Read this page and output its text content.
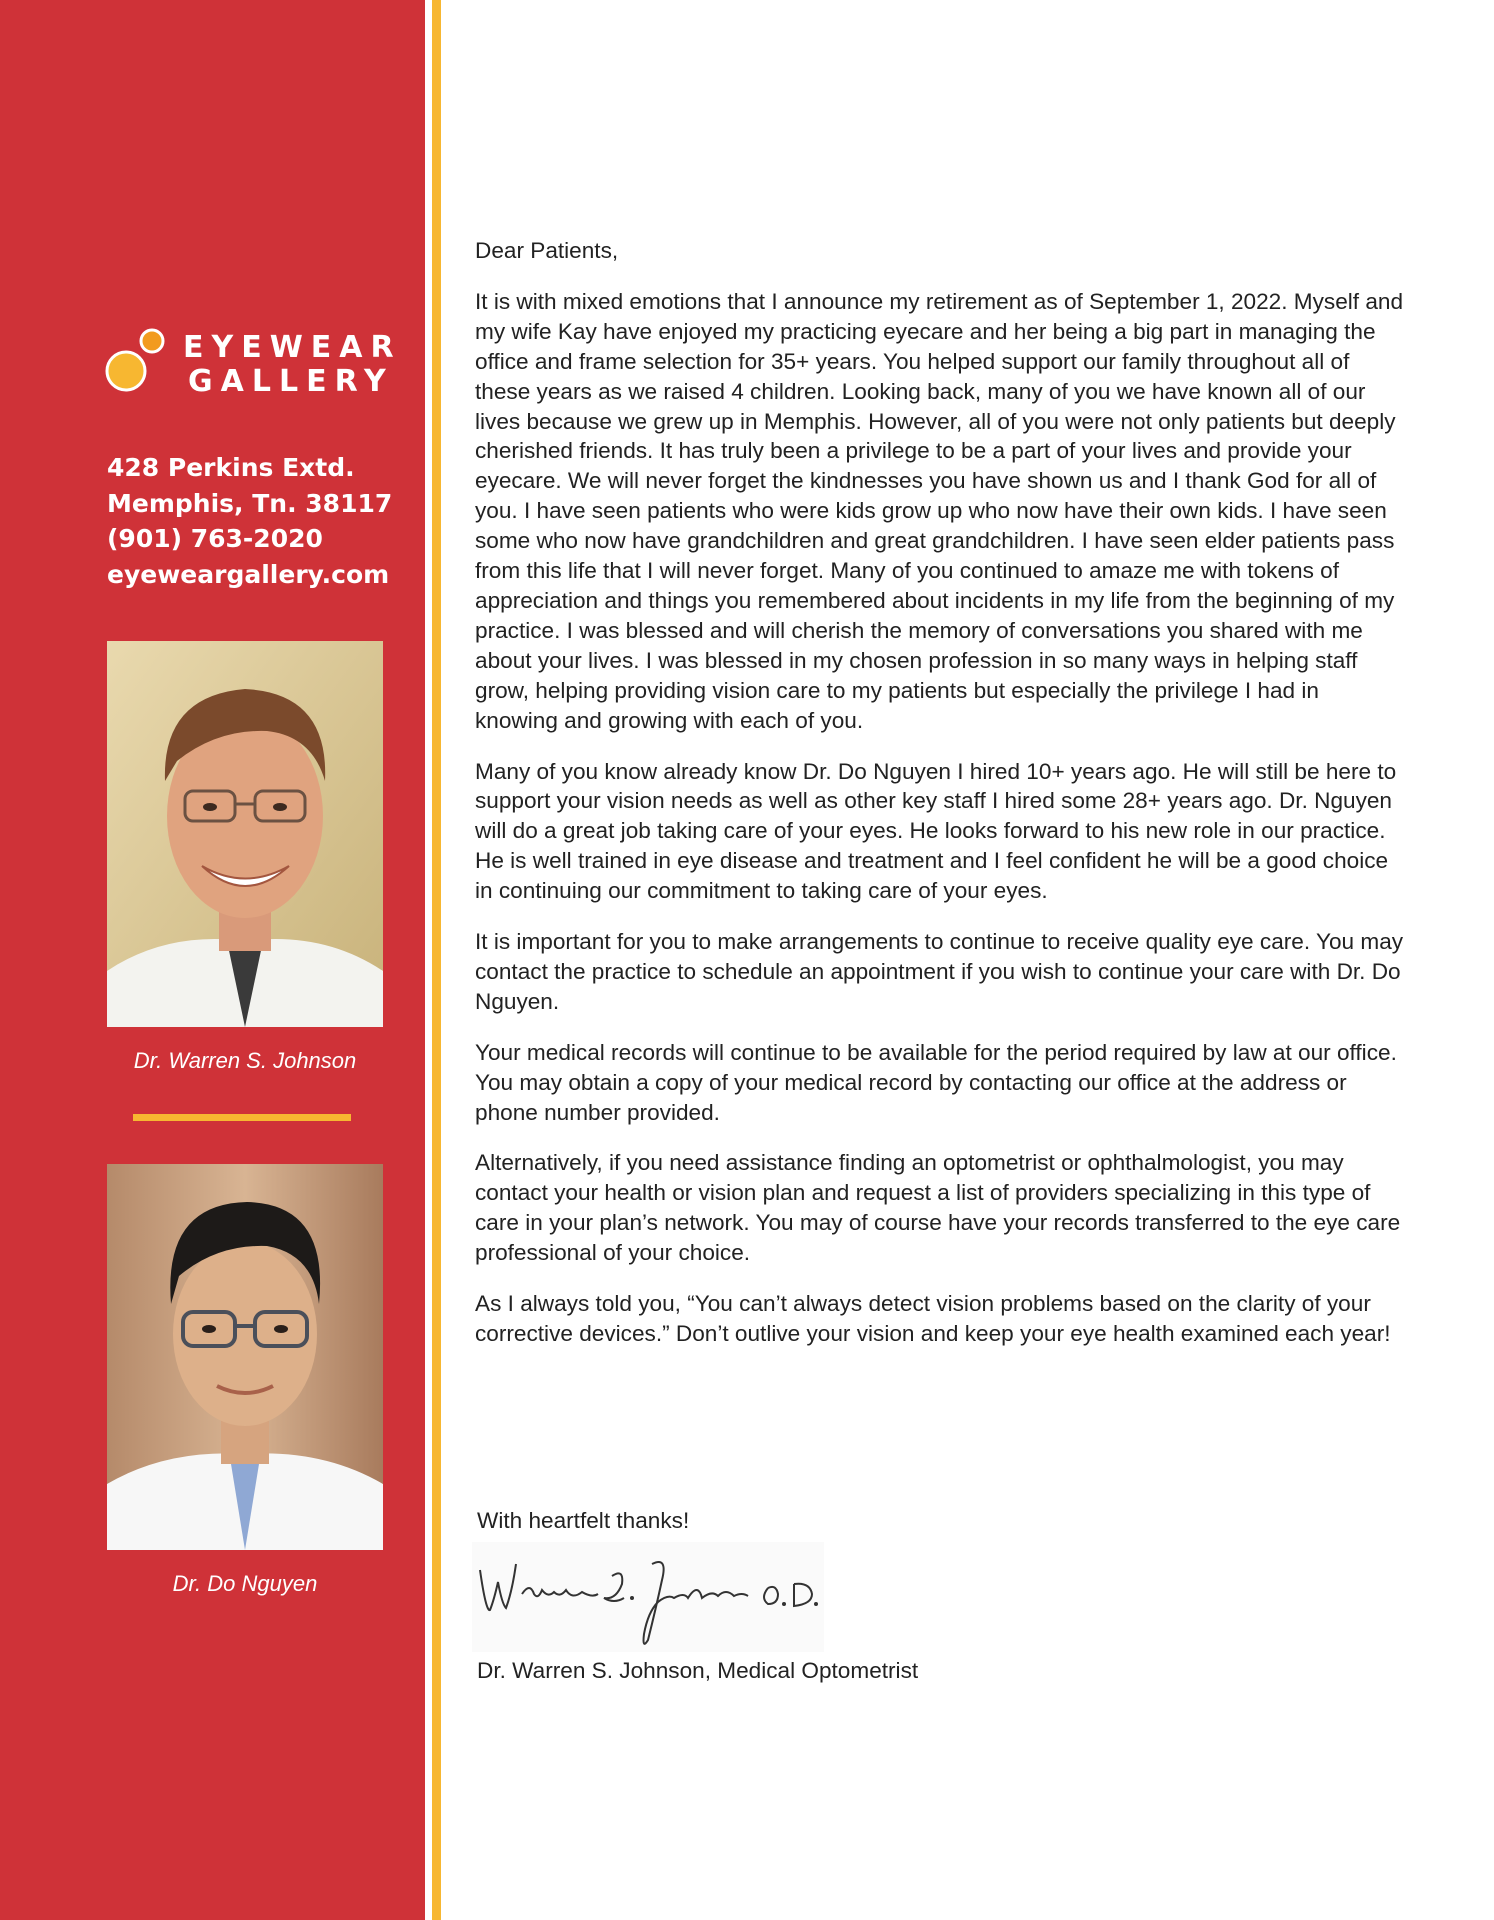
EYEWEAR
GALLERY
428 Perkins Extd.
Memphis, Tn. 38117
(901) 763-2020
eyeweargallery.com
Dr. Warren S. Johnson
Dr. Do Nguyen

Dear Patients,

It is with mixed emotions that I announce my retirement as of September 1, 2022. Myself and my wife Kay have enjoyed my practicing eyecare and her being a big part in managing the office and frame selection for 35+ years. You helped support our family throughout all of these years as we raised 4 children. Looking back, many of you we have known all of our lives because we grew up in Memphis. However, all of you were not only patients but deeply cherished friends. It has truly been a privilege to be a part of your lives and provide your eyecare. We will never forget the kindnesses you have shown us and I thank God for all of you. I have seen patients who were kids grow up who now have their own kids. I have seen some who now have grandchildren and great grandchildren. I have seen elder patients pass from this life that I will never forget. Many of you continued to amaze me with tokens of appreciation and things you remembered about incidents in my life from the beginning of my practice. I was blessed and will cherish the memory of conversations you shared with me about your lives. I was blessed in my chosen profession in so many ways in helping staff grow, helping providing vision care to my patients but especially the privilege I had in knowing and growing with each of you.

Many of you know already know Dr. Do Nguyen I hired 10+ years ago. He will still be here to support your vision needs as well as other key staff I hired some 28+ years ago. Dr. Nguyen will do a great job taking care of your eyes. He looks forward to his new role in our practice. He is well trained in eye disease and treatment and I feel confident he will be a good choice in continuing our commitment to taking care of your eyes.

It is important for you to make arrangements to continue to receive quality eye care. You may contact the practice to schedule an appointment if you wish to continue your care with Dr. Do Nguyen.

Your medical records will continue to be available for the period required by law at our office. You may obtain a copy of your medical record by contacting our office at the address or phone number provided.

Alternatively, if you need assistance finding an optometrist or ophthalmologist, you may contact your health or vision plan and request a list of providers specializing in this type of care in your plan’s network. You may of course have your records transferred to the eye care professional of your choice.

As I always told you, “You can’t always detect vision problems based on the clarity of your corrective devices.” Don’t outlive your vision and keep your eye health examined each year!

With heartfelt thanks!
Dr. Warren S. Johnson, Medical Optometrist
